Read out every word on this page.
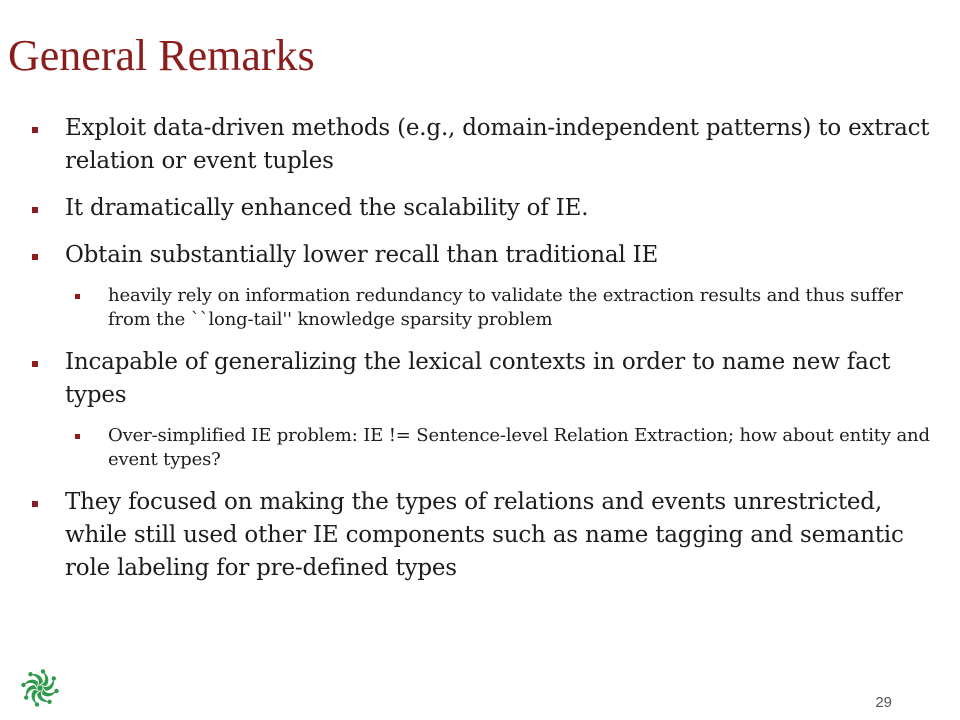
General Remarks
Exploit data-driven methods (e.g., domain-independent patterns) to extract relation or event tuples
It dramatically enhanced the scalability of IE.
Obtain substantially lower recall than traditional IE
heavily rely on information redundancy to validate the extraction results and thus suffer from the ``long-tail'' knowledge sparsity problem
Incapable of generalizing the lexical contexts in order to name new fact types
Over-simplified IE problem: IE != Sentence-level Relation Extraction; how about entity and event types?
They focused on making the types of relations and events unrestricted, while still used other IE components such as name tagging and semantic role labeling for pre-defined types
29
